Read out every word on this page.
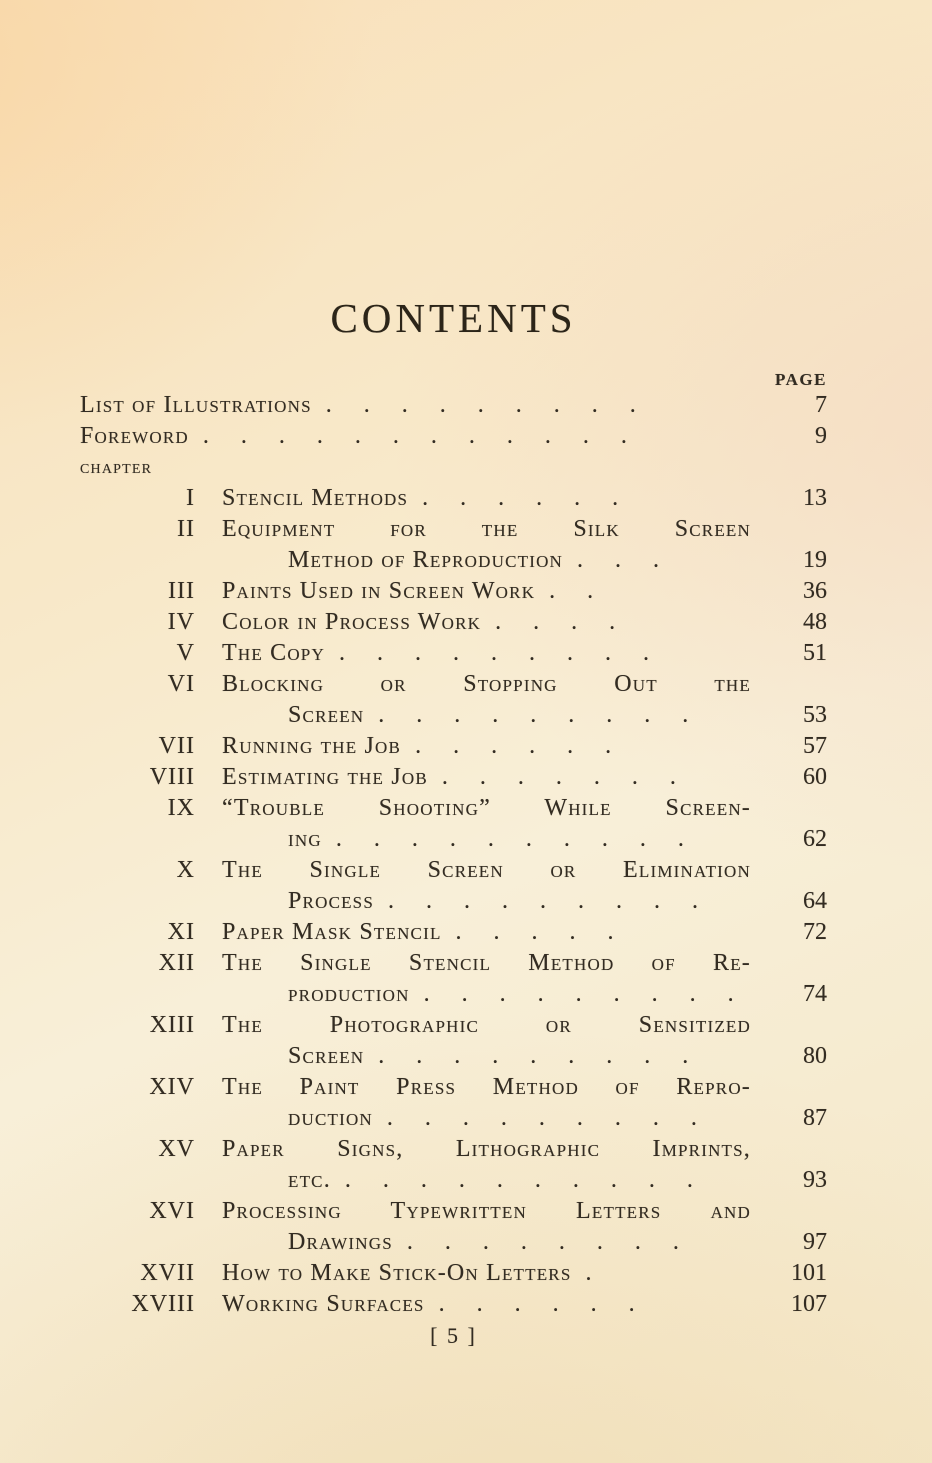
CONTENTS
PAGE
List of Illustrations . . . . . . . . .	7
Foreword . . . . . . . . . . . .	9
chapter
I	Stencil Methods . . . . . .	13
II	Equipment for the Silk Screen
Method of Reproduction . . .	19
III	Paints Used in Screen Work . .	36
IV	Color in Process Work . . . .	48
V	The Copy . . . . . . . . .	51
VI	Blocking or Stopping Out the
Screen . . . . . . . . .	53
VII	Running the Job . . . . . .	57
VIII	Estimating the Job . . . . . . .	60
IX	“Trouble Shooting” While Screen-
ing . . . . . . . . . .	62
X	The Single Screen or Elimination
Process . . . . . . . . .	64
XI	Paper Mask Stencil . . . . .	72
XII	The Single Stencil Method of Re-
production . . . . . . . . .	74
XIII	The Photographic or Sensitized
Screen . . . . . . . . .	80
XIV	The Paint Press Method of Repro-
duction . . . . . . . . .	87
XV	Paper Signs, Lithographic Imprints,
etc. . . . . . . . . . .	93
XVI	Processing Typewritten Letters and
Drawings . . . . . . . .	97
XVII	How to Make Stick-On Letters .	101
XVIII	Working Surfaces . . . . . .	107
[ 5 ]
